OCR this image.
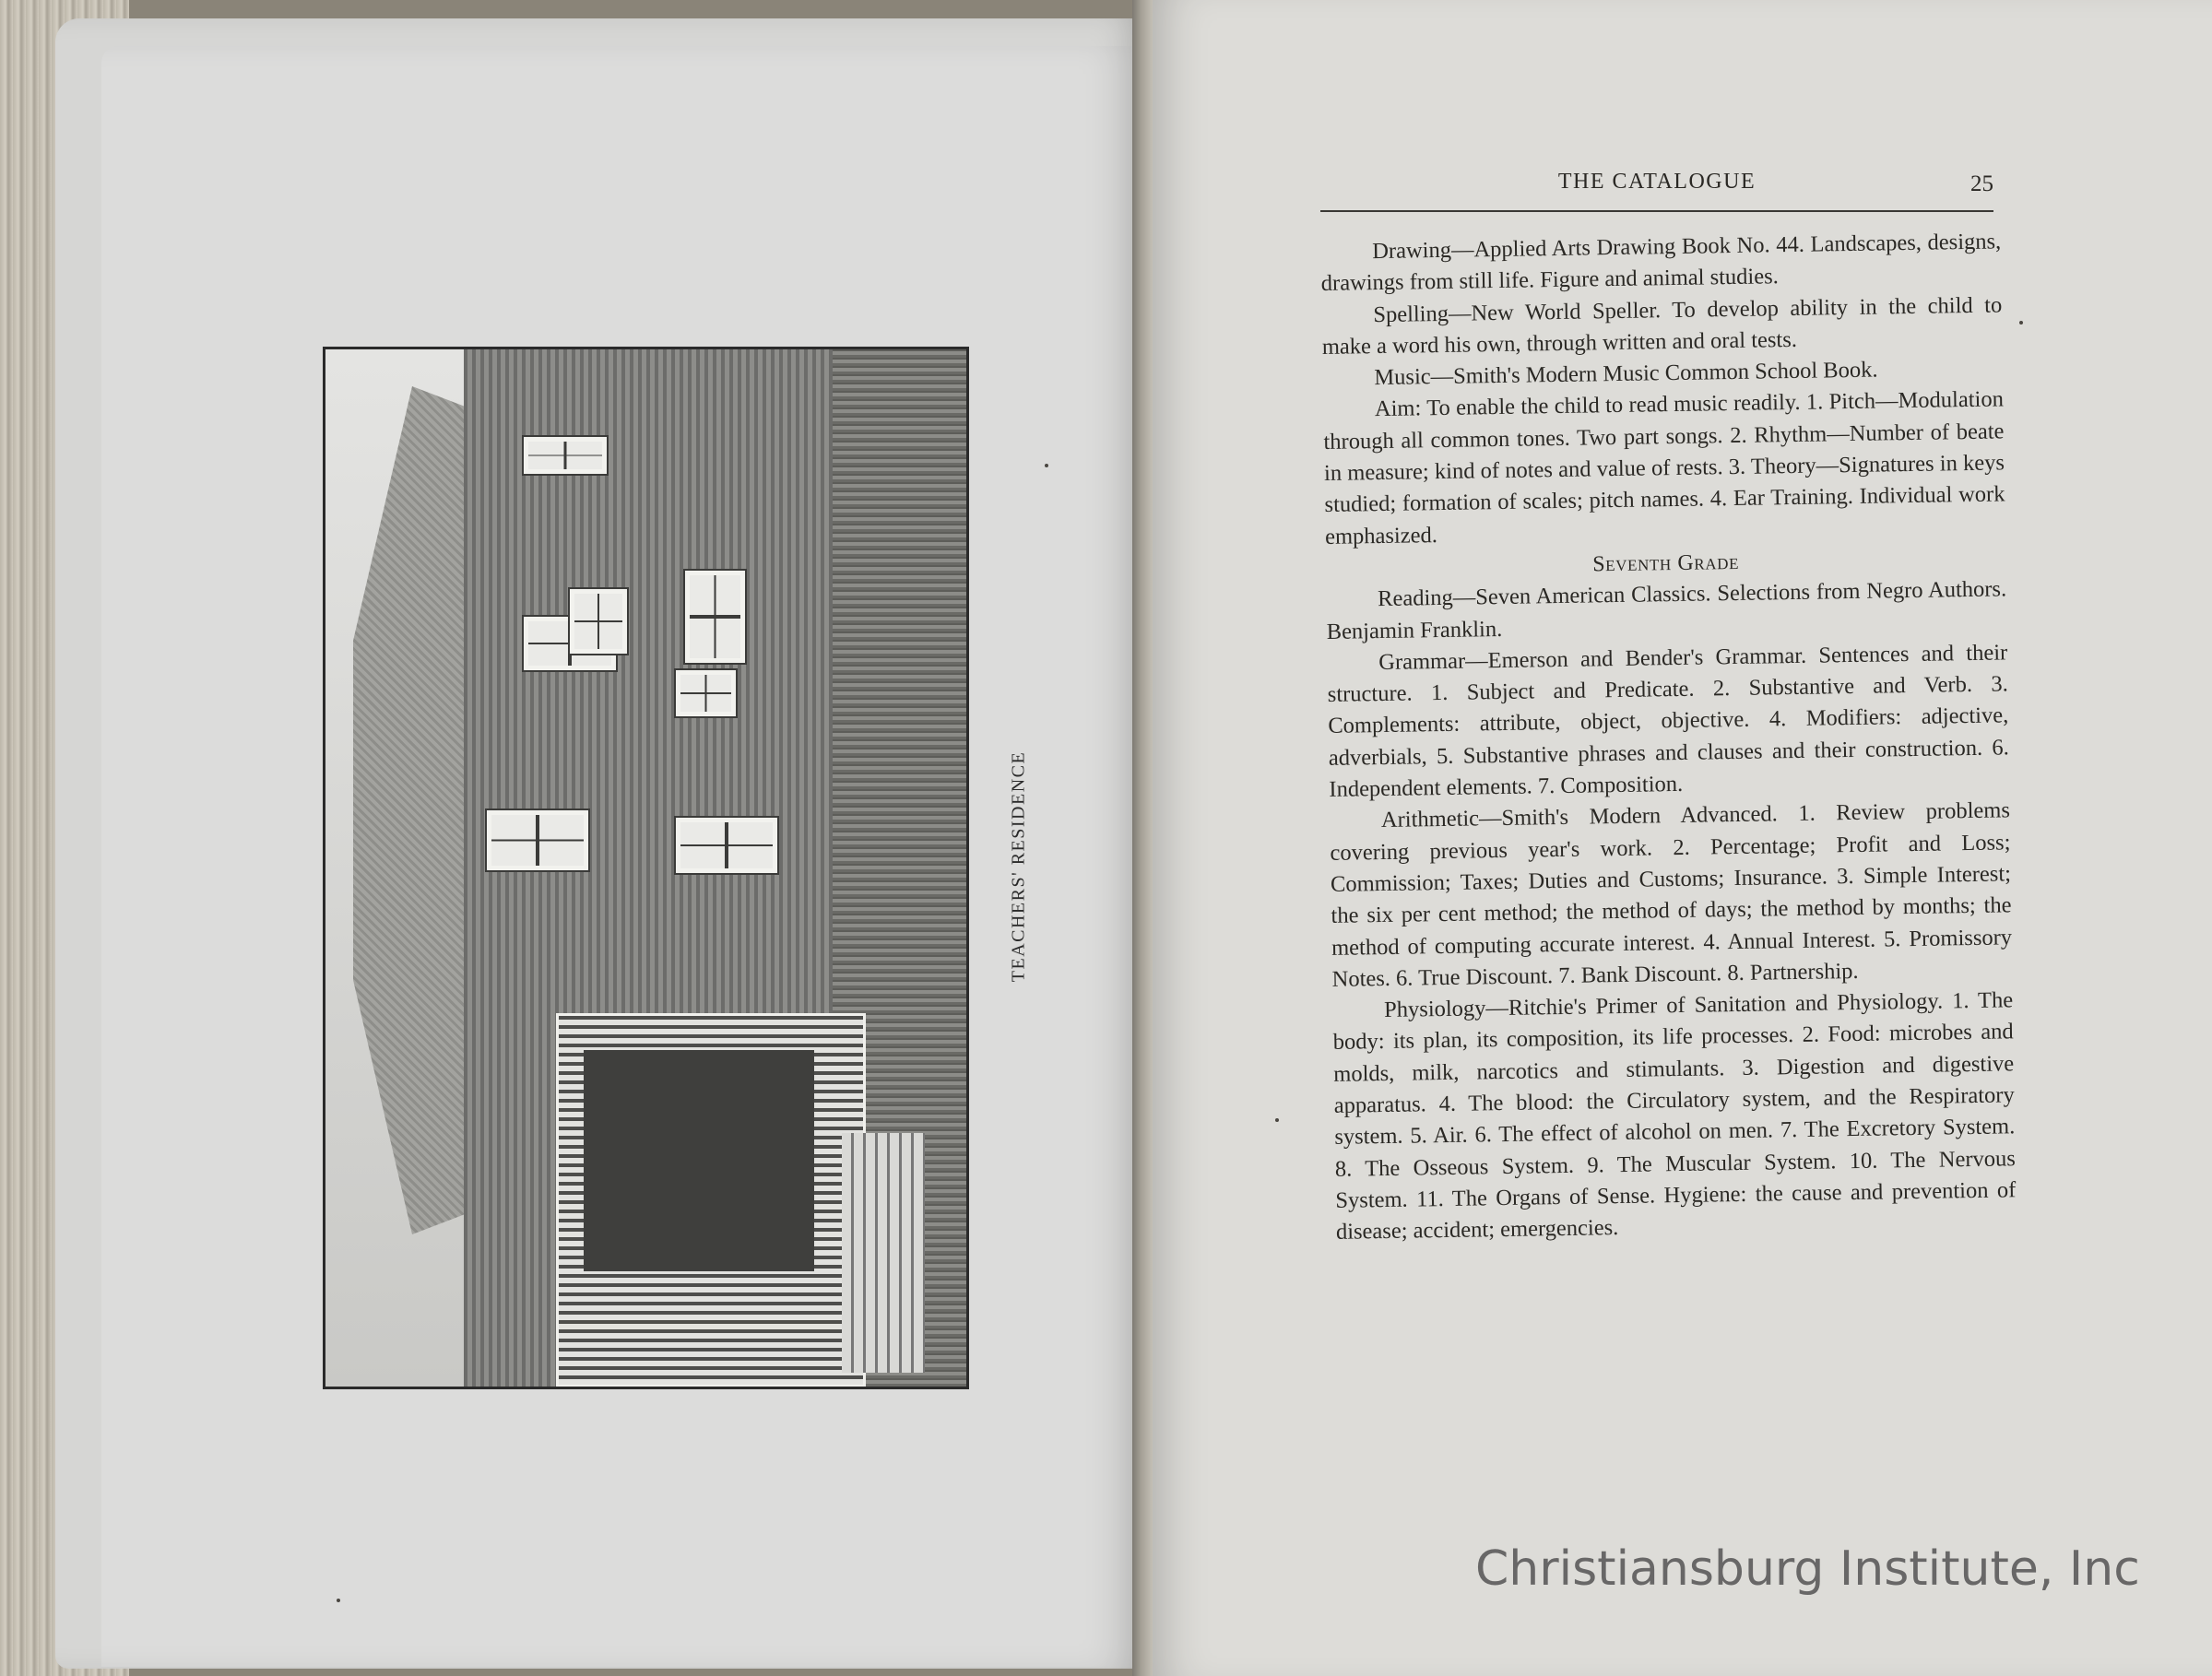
TEACHERS' RESIDENCE
THE CATALOGUE	25

Drawing—Applied Arts Drawing Book No. 44. Landscapes, designs, drawings from still life. Figure and animal studies.

Spelling—New World Speller. To develop ability in the child to make a word his own, through written and oral tests.

Music—Smith's Modern Music Common School Book.

Aim: To enable the child to read music readily. 1. Pitch—Modulation through all common tones. Two part songs. 2. Rhythm—Number of beate in measure; kind of notes and value of rests. 3. Theory—Signatures in keys studied; formation of scales; pitch names. 4. Ear Training. Individual work emphasized.

Seventh Grade

Reading—Seven American Classics. Selections from Negro Authors. Benjamin Franklin.

Grammar—Emerson and Bender's Grammar. Sentences and their structure. 1. Subject and Predicate. 2. Substantive and Verb. 3. Complements: attribute, object, objective. 4. Modifiers: adjective, adverbials, 5. Substantive phrases and clauses and their construction. 6. Independent elements. 7. Composition.

Arithmetic—Smith's Modern Advanced. 1. Review problems covering previous year's work. 2. Percentage; Profit and Loss; Commission; Taxes; Duties and Customs; Insurance. 3. Simple Interest; the six per cent method; the method of days; the method by months; the method of computing accurate interest. 4. Annual Interest. 5. Promissory Notes. 6. True Discount. 7. Bank Discount. 8. Partnership.

Physiology—Ritchie's Primer of Sanitation and Physiology. 1. The body: its plan, its composition, its life processes. 2. Food: microbes and molds, milk, narcotics and stimulants. 3. Digestion and digestive apparatus. 4. The blood: the Circulatory system, and the Respiratory system. 5. Air. 6. The effect of alcohol on men. 7. The Excretory System. 8. The Osseous System. 9. The Muscular System. 10. The Nervous System. 11. The Organs of Sense. Hygiene: the cause and prevention of disease; accident; emergencies.

Christiansburg Institute, Inc
